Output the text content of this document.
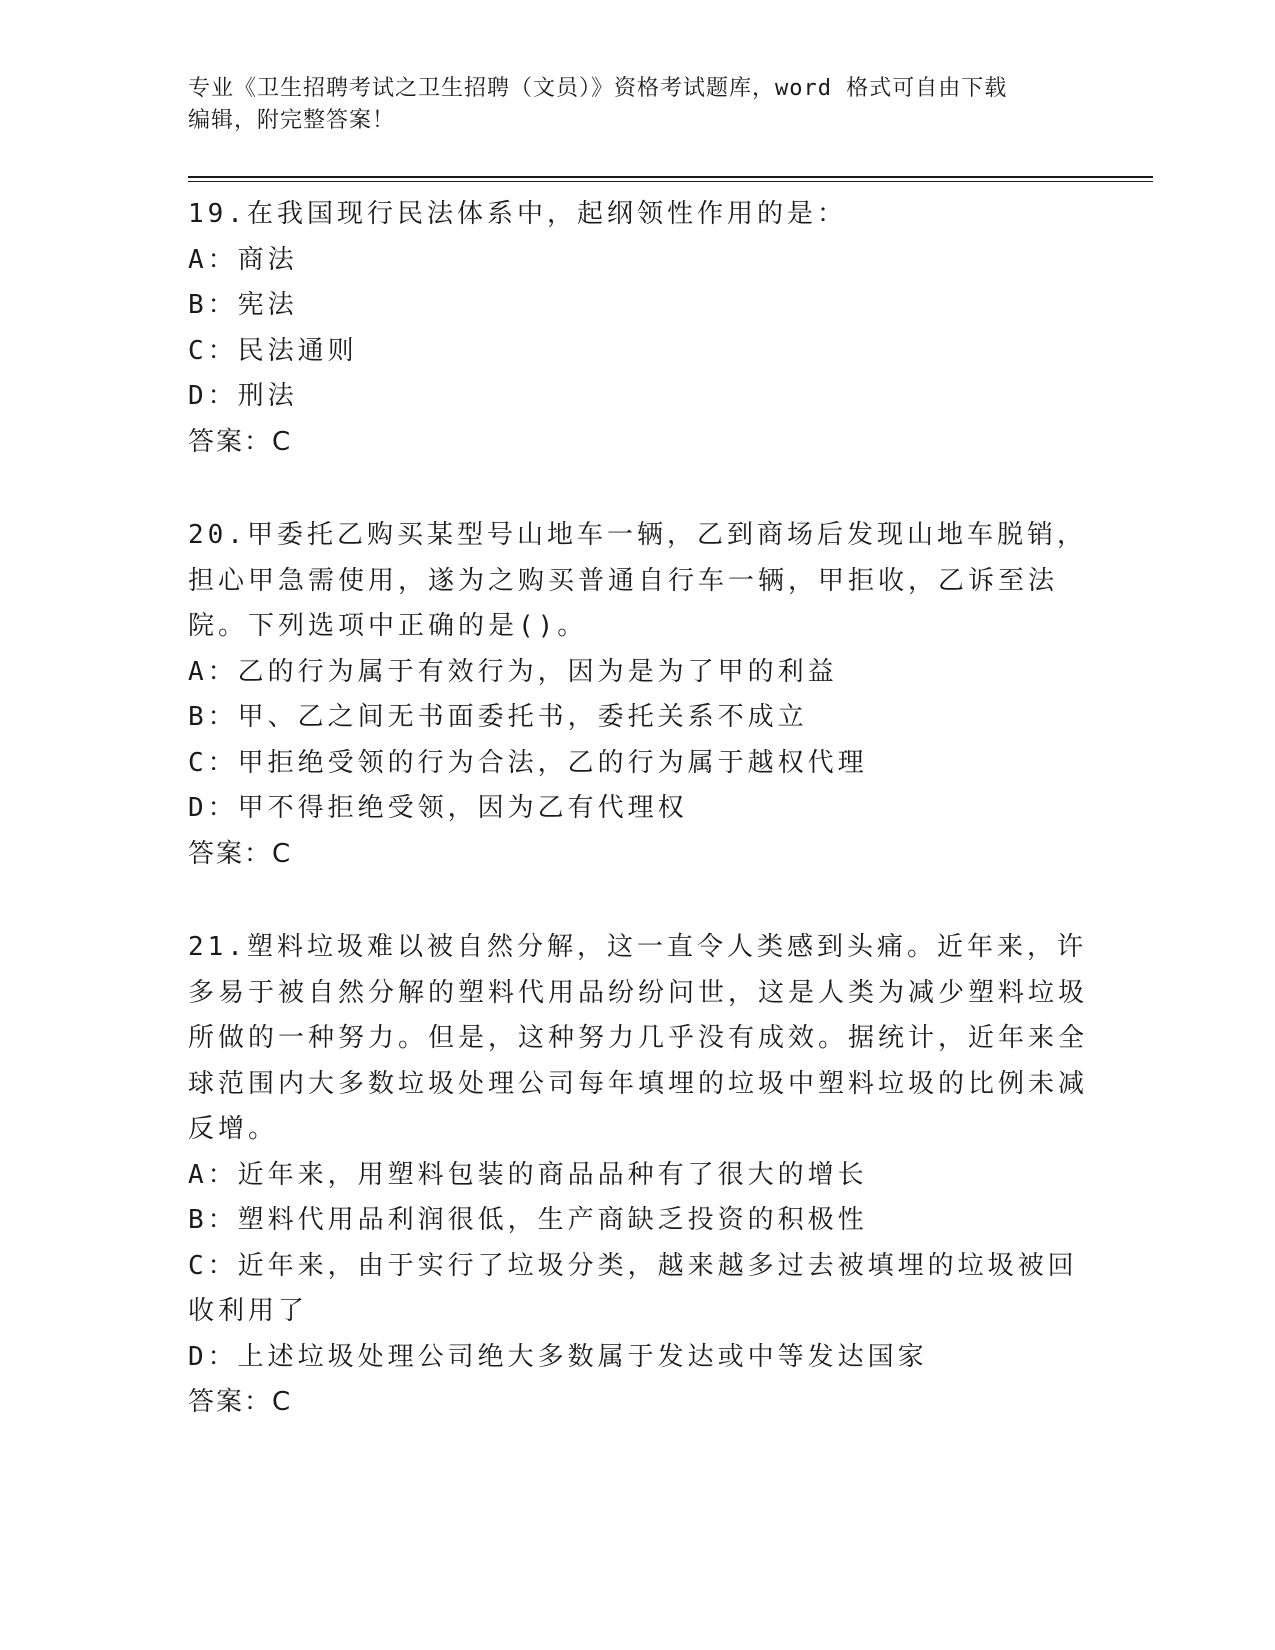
专业《卫生招聘考试之卫生招聘（文员）》资格考试题库，word 格式可自由下载
编辑，附完整答案！
19.在我国现行民法体系中，起纲领性作用的是：
A：商法
B：宪法
C：民法通则
D：刑法
答案：C
20.甲委托乙购买某型号山地车一辆，乙到商场后发现山地车脱销，担心甲急需使用，遂为之购买普通自行车一辆，甲拒收，乙诉至法院。下列选项中正确的是()。
A：乙的行为属于有效行为，因为是为了甲的利益
B：甲、乙之间无书面委托书，委托关系不成立
C：甲拒绝受领的行为合法，乙的行为属于越权代理
D：甲不得拒绝受领，因为乙有代理权
答案：C
21.塑料垃圾难以被自然分解，这一直令人类感到头痛。近年来，许多易于被自然分解的塑料代用品纷纷问世，这是人类为减少塑料垃圾所做的一种努力。但是，这种努力几乎没有成效。据统计，近年来全球范围内大多数垃圾处理公司每年填埋的垃圾中塑料垃圾的比例未减反增。
A：近年来，用塑料包装的商品品种有了很大的增长
B：塑料代用品利润很低，生产商缺乏投资的积极性
C：近年来，由于实行了垃圾分类，越来越多过去被填埋的垃圾被回收利用了
D：上述垃圾处理公司绝大多数属于发达或中等发达国家
答案：C
